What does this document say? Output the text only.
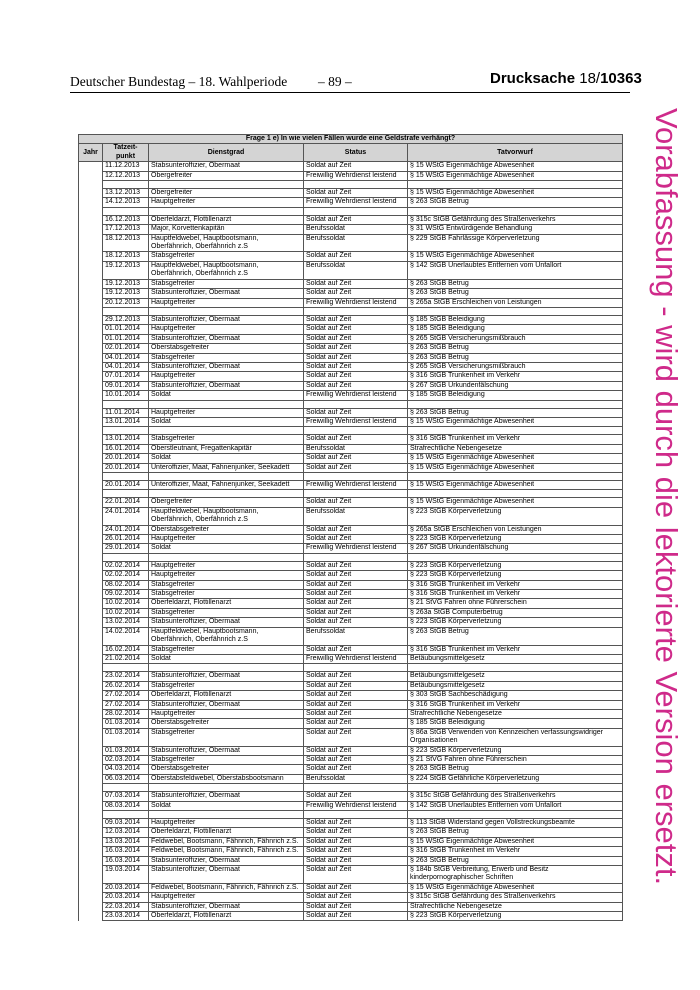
Deutscher Bundestag – 18. Wahlperiode – 89 –	Drucksache 18/10363
Vorabfassung - wird durch die lektorierte Version ersetzt.
Frage 1 e) In wie vielen Fällen wurde eine Geldstrafe verhängt?				
Jahr	Tatzeit-punkt	Dienstgrad	Status	Tatvorwurf
	11.12.2013	Stabsunteroffizier, Obermaat	Soldat auf Zeit	§ 15 WStG Eigenmächtige Abwesenheit
	12.12.2013	Obergefreiter	Freiwillig Wehrdienst leistend	§ 15 WStG Eigenmächtige Abwesenheit

	13.12.2013	Obergefreiter	Soldat auf Zeit	§ 15 WStG Eigenmächtige Abwesenheit
	14.12.2013	Hauptgefreiter	Freiwillig Wehrdienst leistend	§ 263 StGB Betrug

	16.12.2013	Oberfeldarzt, Flottillenarzt	Soldat auf Zeit	§ 315c StGB Gefährdung des Straßenverkehrs
	17.12.2013	Major, Korvettenkapitän	Berufssoldat	§ 31 WStG Entwürdigende Behandlung
	18.12.2013	Hauptfeldwebel, Hauptbootsmann, Oberfähnrich, Oberfähnrich z.S	Berufssoldat	§ 229 StGB Fahrlässige Körperverletzung
	18.12.2013	Stabsgefreiter	Soldat auf Zeit	§ 15 WStG Eigenmächtige Abwesenheit
	19.12.2013	Hauptfeldwebel, Hauptbootsmann, Oberfähnrich, Oberfähnrich z.S	Berufssoldat	§ 142 StGB Unerlaubtes Entfernen vom Unfallort
	19.12.2013	Stabsgefreiter	Soldat auf Zeit	§ 263 StGB Betrug
	19.12.2013	Stabsunteroffizier, Obermaat	Soldat auf Zeit	§ 263 StGB Betrug
	20.12.2013	Hauptgefreiter	Freiwillig Wehrdienst leistend	§ 265a StGB Erschleichen von Leistungen

	29.12.2013	Stabsunteroffizier, Obermaat	Soldat auf Zeit	§ 185 StGB Beleidigung
	01.01.2014	Hauptgefreiter	Soldat auf Zeit	§ 185 StGB Beleidigung
	01.01.2014	Stabsunteroffizier, Obermaat	Soldat auf Zeit	§ 265 StGB Versicherungsmißbrauch
	02.01.2014	Oberstabsgefreiter	Soldat auf Zeit	§ 263 StGB Betrug
	04.01.2014	Stabsgefreiter	Soldat auf Zeit	§ 263 StGB Betrug
	04.01.2014	Stabsunteroffizier, Obermaat	Soldat auf Zeit	§ 265 StGB Versicherungsmißbrauch
	07.01.2014	Hauptgefreiter	Soldat auf Zeit	§ 316 StGB Trunkenheit im Verkehr
	09.01.2014	Stabsunteroffizier, Obermaat	Soldat auf Zeit	§ 267 StGB Urkundenfälschung
	10.01.2014	Soldat	Freiwillig Wehrdienst leistend	§ 185 StGB Beleidigung

	11.01.2014	Hauptgefreiter	Soldat auf Zeit	§ 263 StGB Betrug
	13.01.2014	Soldat	Freiwillig Wehrdienst leistend	§ 15 WStG Eigenmächtige Abwesenheit

	13.01.2014	Stabsgefreiter	Soldat auf Zeit	§ 316 StGB Trunkenheit im Verkehr
	16.01.2014	Oberstleutnant, Fregattenkapitär	Berufssoldat	Strafrechtliche Nebengesetze
	20.01.2014	Soldat	Soldat auf Zeit	§ 15 WStG Eigenmächtige Abwesenheit
	20.01.2014	Unteroffizier, Maat, Fahnenjunker, Seekadett	Soldat auf Zeit	§ 15 WStG Eigenmächtige Abwesenheit

	20.01.2014	Unteroffizier, Maat, Fahnenjunker, Seekadett	Freiwillig Wehrdienst leistend	§ 15 WStG Eigenmächtige Abwesenheit

	22.01.2014	Obergefreiter	Soldat auf Zeit	§ 15 WStG Eigenmächtige Abwesenheit
	24.01.2014	Hauptfeldwebel, Hauptbootsmann, Oberfähnrich, Oberfähnrich z.S	Berufssoldat	§ 223 StGB Körperverletzung
	24.01.2014	Oberstabsgefreiter	Soldat auf Zeit	§ 265a StGB Erschleichen von Leistungen
	26.01.2014	Hauptgefreiter	Soldat auf Zeit	§ 223 StGB Körperverletzung
	29.01.2014	Soldat	Freiwillig Wehrdienst leistend	§ 267 StGB Urkundenfälschung

	02.02.2014	Hauptgefreiter	Soldat auf Zeit	§ 223 StGB Körperverletzung
	02.02.2014	Hauptgefreiter	Soldat auf Zeit	§ 223 StGB Körperverletzung
	08.02.2014	Stabsgefreiter	Soldat auf Zeit	§ 316 StGB Trunkenheit im Verkehr
	09.02.2014	Stabsgefreiter	Soldat auf Zeit	§ 316 StGB Trunkenheit im Verkehr
	10.02.2014	Oberfeldarzt, Flottillenarzt	Soldat auf Zeit	§ 21 StVG Fahren ohne Führerschein
	10.02.2014	Stabsgefreiter	Soldat auf Zeit	§ 263a StGB Computerbetrug
	13.02.2014	Stabsunteroffizier, Obermaat	Soldat auf Zeit	§ 223 StGB Körperverletzung
	14.02.2014	Hauptfeldwebel, Hauptbootsmann, Oberfähnrich, Oberfähnrich z.S	Berufssoldat	§ 263 StGB Betrug
	16.02.2014	Stabsgefreiter	Soldat auf Zeit	§ 316 StGB Trunkenheit im Verkehr
	21.02.2014	Soldat	Freiwillig Wehrdienst leistend	Betäubungsmittelgesetz

	23.02.2014	Stabsunteroffizier, Obermaat	Soldat auf Zeit	Betäubungsmittelgesetz
	26.02.2014	Stabsgefreiter	Soldat auf Zeit	Betäubungsmittelgesetz
	27.02.2014	Oberfeldarzt, Flottillenarzt	Soldat auf Zeit	§ 303 StGB Sachbeschädigung
	27.02.2014	Stabsunteroffizier, Obermaat	Soldat auf Zeit	§ 316 StGB Trunkenheit im Verkehr
	28.02.2014	Hauptgefreiter	Soldat auf Zeit	Strafrechtliche Nebengesetze
	01.03.2014	Oberstabsgefreiter	Soldat auf Zeit	§ 185 StGB Beleidigung
	01.03.2014	Stabsgefreiter	Soldat auf Zeit	§ 86a StGB Verwenden von Kennzeichen verfassungswidriger Organisationen
	01.03.2014	Stabsunteroffizier, Obermaat	Soldat auf Zeit	§ 223 StGB Körperverletzung
	02.03.2014	Stabsgefreiter	Soldat auf Zeit	§ 21 StVG Fahren ohne Führerschein
	04.03.2014	Oberstabsgefreiter	Soldat auf Zeit	§ 263 StGB Betrug
	06.03.2014	Oberstabsfeldwebel, Oberstabsbootsmann	Berufssoldat	§ 224 StGB Gefährliche Körperverletzung

	07.03.2014	Stabsunteroffizier, Obermaat	Soldat auf Zeit	§ 315c StGB Gefährdung des Straßenverkehrs
	08.03.2014	Soldat	Freiwillig Wehrdienst leistend	§ 142 StGB Unerlaubtes Entfernen vom Unfallort

	09.03.2014	Hauptgefreiter	Soldat auf Zeit	§ 113 StGB Widerstand gegen Vollstreckungsbeamte
	12.03.2014	Oberfeldarzt, Flottillenarzt	Soldat auf Zeit	§ 263 StGB Betrug
	13.03.2014	Feldwebel, Bootsmann, Fähnrich, Fähnrich z.S.	Soldat auf Zeit	§ 15 WStG Eigenmächtige Abwesenheit
	16.03.2014	Feldwebel, Bootsmann, Fähnrich, Fähnrich z.S.	Soldat auf Zeit	§ 316 StGB Trunkenheit im Verkehr
	16.03.2014	Stabsunteroffizier, Obermaat	Soldat auf Zeit	§ 263 StGB Betrug
	19.03.2014	Stabsunteroffizier, Obermaat	Soldat auf Zeit	§ 184b StGB Verbreitung, Erwerb und Besitz kinderpornographischer Schriften
	20.03.2014	Feldwebel, Bootsmann, Fähnrich, Fähnrich z.S.	Soldat auf Zeit	§ 15 WStG Eigenmächtige Abwesenheit
	20.03.2014	Hauptgefreiter	Soldat auf Zeit	§ 315c StGB Gefährdung des Straßenverkehrs
	22.03.2014	Stabsunteroffizier, Obermaat	Soldat auf Zeit	Strafrechtliche Nebengesetze
	23.03.2014	Oberfeldarzt, Flottillenarzt	Soldat auf Zeit	§ 223 StGB Körperverletzung
